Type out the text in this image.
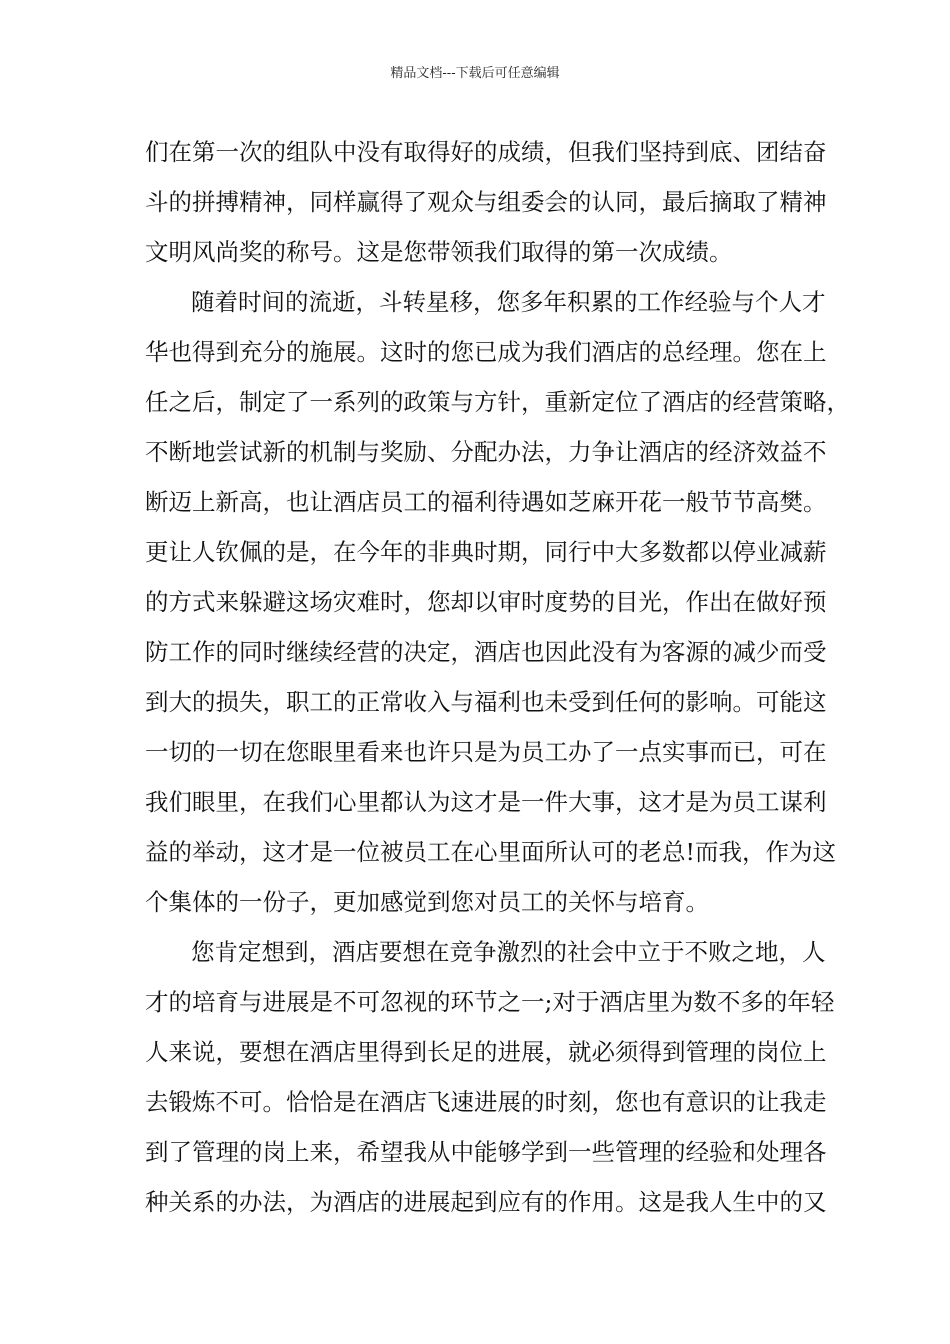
精品文档---下载后可任意编辑
们在第一次的组队中没有取得好的成绩，但我们坚持到底、团结奋
斗的拼搏精神，同样赢得了观众与组委会的认同，最后摘取了精神
文明风尚奖的称号。这是您带领我们取得的第一次成绩。
随着时间的流逝，斗转星移，您多年积累的工作经验与个人才
华也得到充分的施展。这时的您已成为我们酒店的总经理。您在上
任之后，制定了一系列的政策与方针，重新定位了酒店的经营策略，
不断地尝试新的机制与奖励、分配办法，力争让酒店的经济效益不
断迈上新高，也让酒店员工的福利待遇如芝麻开花一般节节高樊。
更让人钦佩的是，在今年的非典时期，同行中大多数都以停业减薪
的方式来躲避这场灾难时，您却以审时度势的目光，作出在做好预
防工作的同时继续经营的决定，酒店也因此没有为客源的减少而受
到大的损失，职工的正常收入与福利也未受到任何的影响。可能这
一切的一切在您眼里看来也许只是为员工办了一点实事而已，可在
我们眼里，在我们心里都认为这才是一件大事，这才是为员工谋利
益的举动，这才是一位被员工在心里面所认可的老总!而我，作为这
个集体的一份子，更加感觉到您对员工的关怀与培育。
您肯定想到，酒店要想在竞争激烈的社会中立于不败之地，人
才的培育与进展是不可忽视的环节之一;对于酒店里为数不多的年轻
人来说，要想在酒店里得到长足的进展，就必须得到管理的岗位上
去锻炼不可。恰恰是在酒店飞速进展的时刻，您也有意识的让我走
到了管理的岗上来，希望我从中能够学到一些管理的经验和处理各
种关系的办法，为酒店的进展起到应有的作用。这是我人生中的又
